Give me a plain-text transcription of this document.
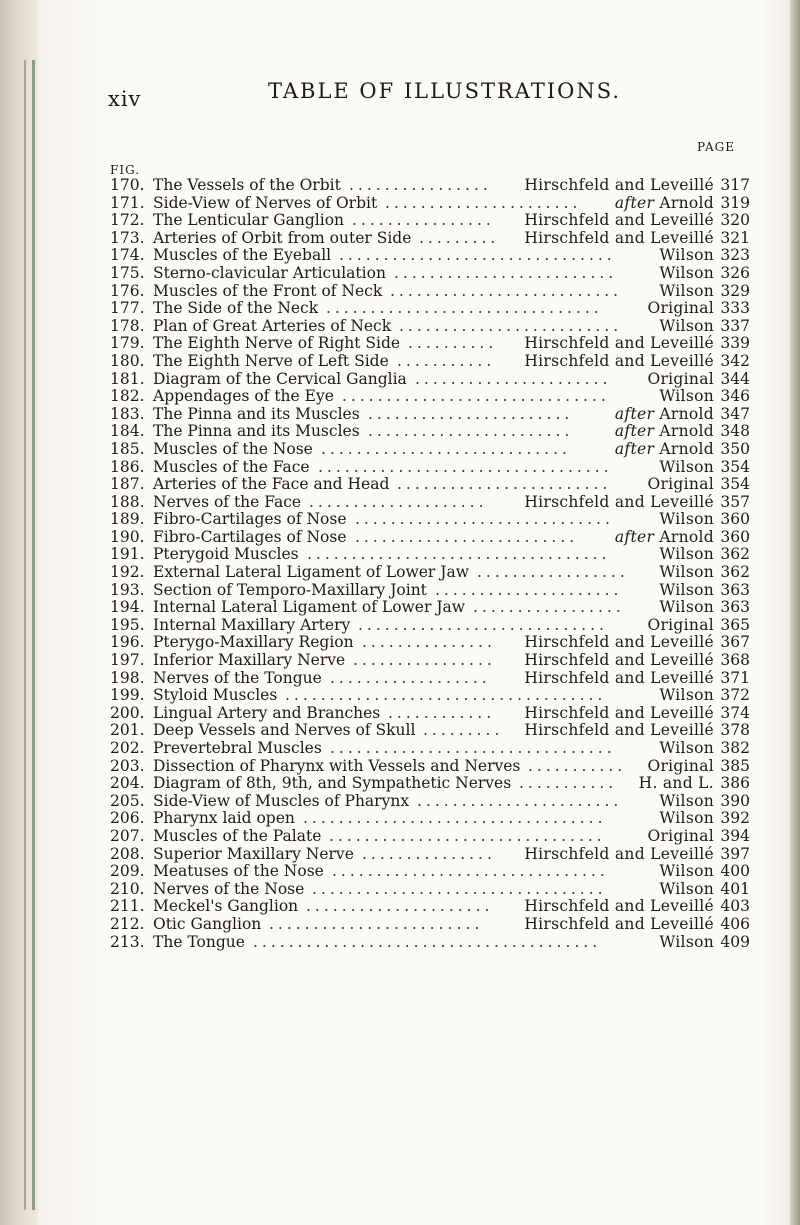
xiv	TABLE OF ILLUSTRATIONS.
FIG.
PAGE
170. The Vessels of the Orbit ................	Hirschfeld and Leveillé 317
171. Side-View of Nerves of Orbit ......................	after Arnold 319
172. The Lenticular Ganglion ................	Hirschfeld and Leveillé 320
173. Arteries of Orbit from outer Side .........	Hirschfeld and Leveillé 321
174. Muscles of the Eyeball ...............................	Wilson 323
175. Sterno-clavicular Articulation .........................	Wilson 326
176. Muscles of the Front of Neck ..........................	Wilson 329
177. The Side of the Neck ...............................	Original 333
178. Plan of Great Arteries of Neck .........................	Wilson 337
179. The Eighth Nerve of Right Side ..........	Hirschfeld and Leveillé 339
180. The Eighth Nerve of Left Side ...........	Hirschfeld and Leveillé 342
181. Diagram of the Cervical Ganglia ......................	Original 344
182. Appendages of the Eye ..............................	Wilson 346
183. The Pinna and its Muscles .......................	after Arnold 347
184. The Pinna and its Muscles .......................	after Arnold 348
185. Muscles of the Nose ............................	after Arnold 350
186. Muscles of the Face .................................	Wilson 354
187. Arteries of the Face and Head ........................	Original 354
188. Nerves of the Face ....................	Hirschfeld and Leveillé 357
189. Fibro-Cartilages of Nose .............................	Wilson 360
190. Fibro-Cartilages of Nose .........................	after Arnold 360
191. Pterygoid Muscles ..................................	Wilson 362
192. External Lateral Ligament of Lower Jaw .................	Wilson 362
193. Section of Temporo-Maxillary Joint .....................	Wilson 363
194. Internal Lateral Ligament of Lower Jaw .................	Wilson 363
195. Internal Maxillary Artery ............................	Original 365
196. Pterygo-Maxillary Region ...............	Hirschfeld and Leveillé 367
197. Inferior Maxillary Nerve ................	Hirschfeld and Leveillé 368
198. Nerves of the Tongue ..................	Hirschfeld and Leveillé 371
199. Styloid Muscles ....................................	Wilson 372
200. Lingual Artery and Branches ............	Hirschfeld and Leveillé 374
201. Deep Vessels and Nerves of Skull .........	Hirschfeld and Leveillé 378
202. Prevertebral Muscles ................................	Wilson 382
203. Dissection of Pharynx with Vessels and Nerves ...........	Original 385
204. Diagram of 8th, 9th, and Sympathetic Nerves ...........	H. and L. 386
205. Side-View of Muscles of Pharynx .......................	Wilson 390
206. Pharynx laid open ..................................	Wilson 392
207. Muscles of the Palate ...............................	Original 394
208. Superior Maxillary Nerve ...............	Hirschfeld and Leveillé 397
209. Meatuses of the Nose ...............................	Wilson 400
210. Nerves of the Nose .................................	Wilson 401
211. Meckel's Ganglion .....................	Hirschfeld and Leveillé 403
212. Otic Ganglion ........................	Hirschfeld and Leveillé 406
213. The Tongue .......................................	Wilson 409
